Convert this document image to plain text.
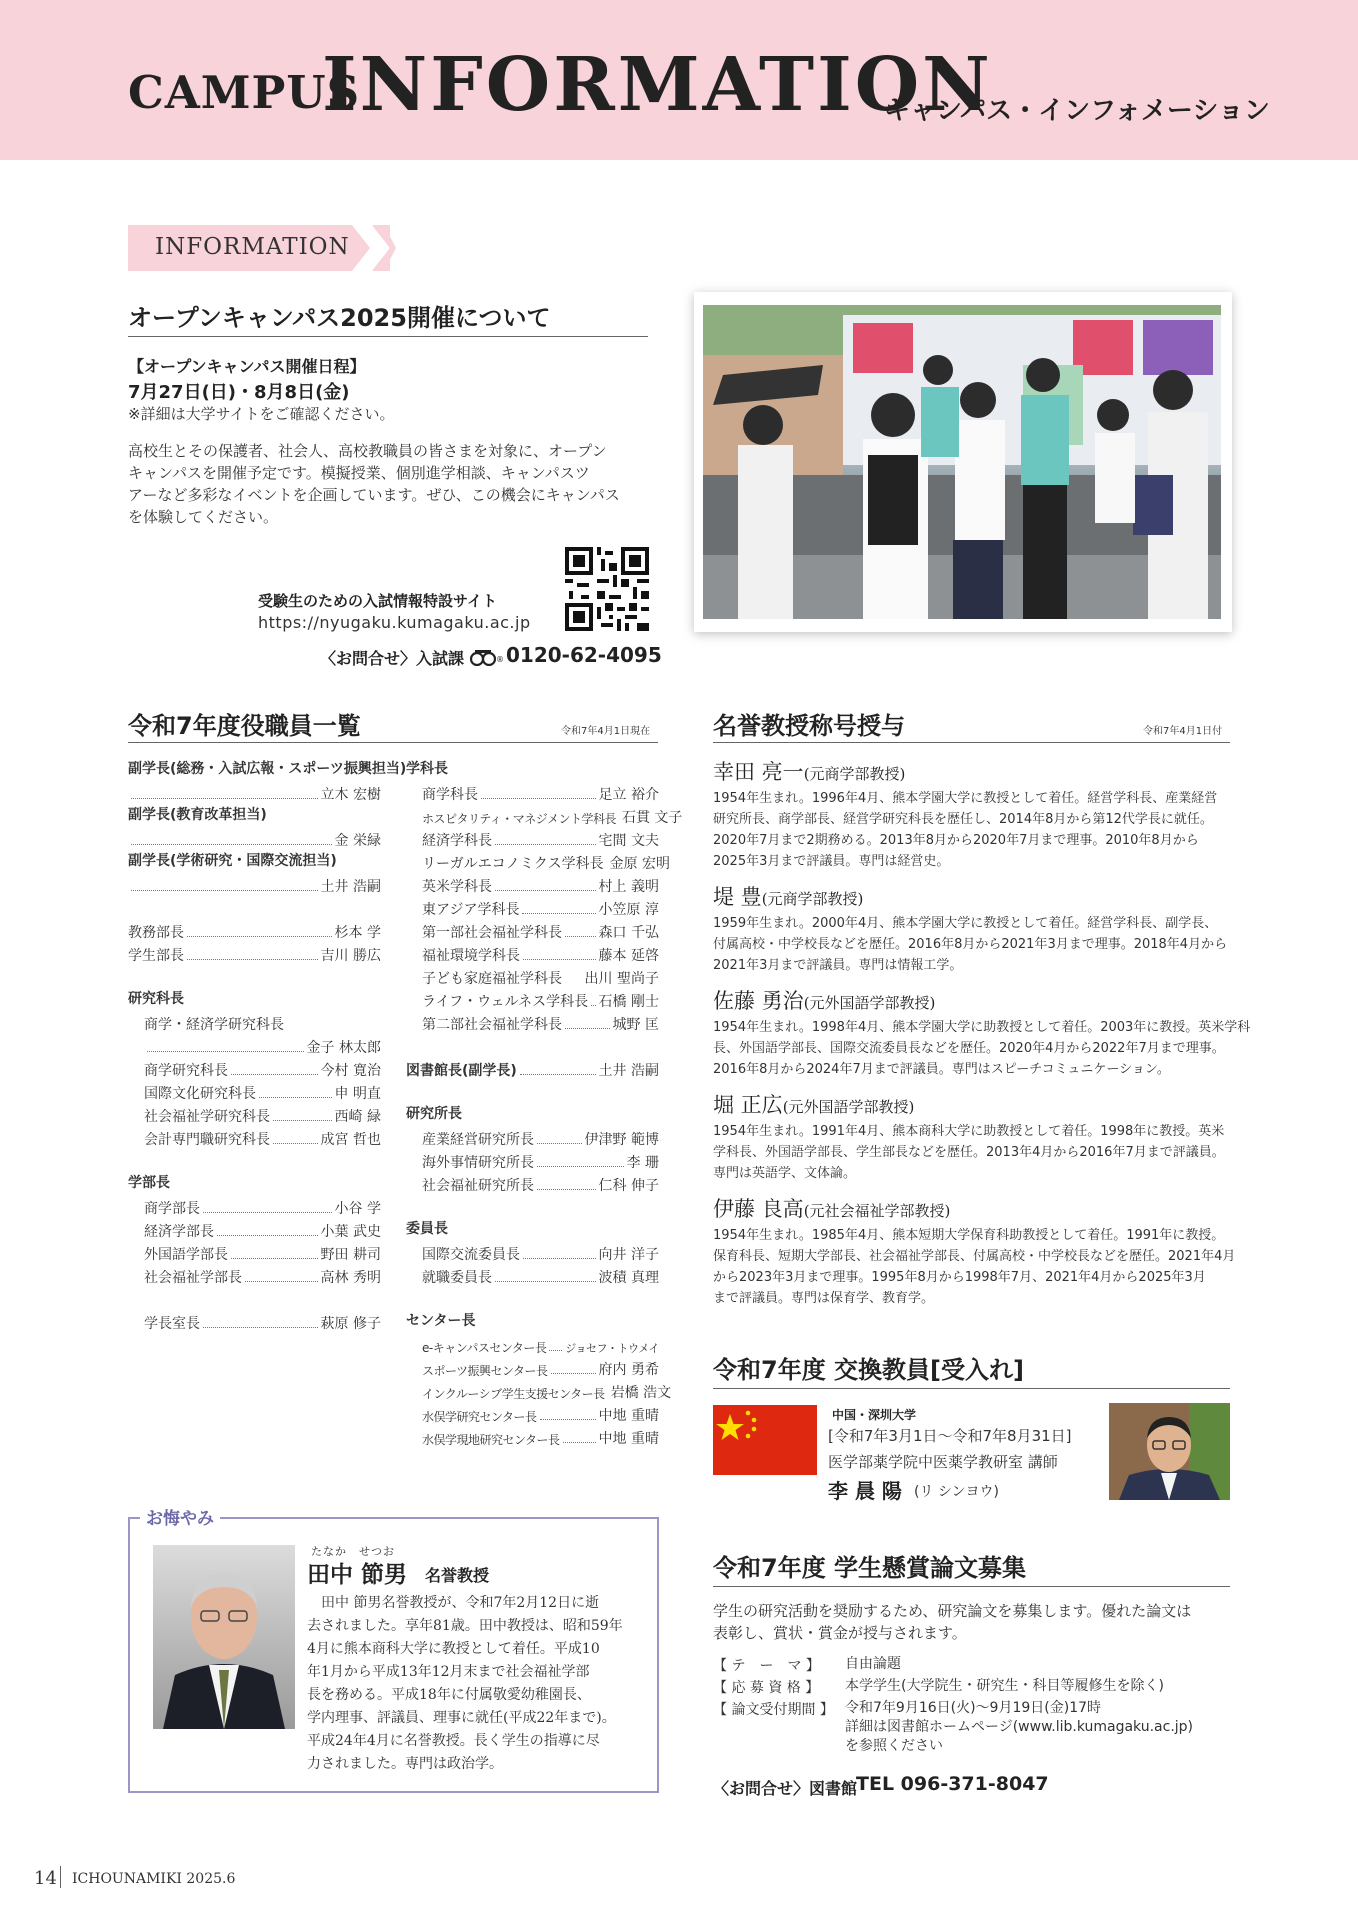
CAMPUS
INFORMATION
キャンパス・インフォメーション
INFORMATION
オープンキャンパス2025開催について
【オープンキャンパス開催日程】
7月27日(日)・8月8日(金)
※詳細は大学サイトをご確認ください。
高校生とその保護者、社会人、高校教職員の皆さまを対象に、オープン
キャンパスを開催予定です。模擬授業、個別進学相談、キャンパスツ
アーなど多彩なイベントを企画しています。ぜひ、この機会にキャンパス
を体験してください。
受験生のための入試情報特設サイト
https://nyugaku.kumagaku.ac.jp
〈お問合せ〉入試課	® 0120-62-4095
令和7年度役職員一覧	令和7年4月1日現在
副学長(総務・入試広報・スポーツ振興担当)
立木 宏樹
副学長(教育改革担当)
金 栄緑
副学長(学術研究・国際交流担当)
土井 浩嗣
教務部長	杉本 学
学生部長	吉川 勝広
研究科長
商学・経済学研究科長
金子 林太郎
商学研究科長	今村 寛治
国際文化研究科長	申 明直
社会福祉学研究科長	西崎 緑
会計専門職研究科長	成宮 哲也
学部長
商学部長	小谷 学
経済学部長	小葉 武史
外国語学部長	野田 耕司
社会福祉学部長	高林 秀明
学長室長	萩原 修子
学科長
商学科長	足立 裕介
ホスピタリティ・マネジメント学科長 石貫 文子
経済学科長	宅間 文夫
リーガルエコノミクス学科長 金原 宏明
英米学科長	村上 義明
東アジア学科長	小笠原 淳
第一部社会福祉学科長	森口 千弘
福祉環境学科長	藤本 延啓
子ども家庭福祉学科長 出川 聖尚子
ライフ・ウェルネス学科長 石橋 剛士
第二部社会福祉学科長	城野 匡
図書館長(副学長)	土井 浩嗣
研究所長
産業経営研究所長	伊津野 範博
海外事情研究所長	李 珊
社会福祉研究所長	仁科 伸子
委員長
国際交流委員長	向井 洋子
就職委員長	波積 真理
センター長
e-キャンパスセンター長 ジョセフ・トウメイ
スポーツ振興センター長	府内 勇希
インクルーシブ学生支援センター長 岩橋 浩文
水俣学研究センター長	中地 重晴
水俣学現地研究センター長	中地 重晴
お悔やみ
たなか　せつお
田中 節男 名誉教授
　田中 節男名誉教授が、令和7年2月12日に逝
去されました。享年81歳。田中教授は、昭和59年
4月に熊本商科大学に教授として着任。平成10
年1月から平成13年12月末まで社会福祉学部
長を務める。平成18年に付属敬愛幼稚園長、
学内理事、評議員、理事に就任(平成22年まで)。
平成24年4月に名誉教授。長く学生の指導に尽
力されました。専門は政治学。
名誉教授称号授与	令和7年4月1日付
幸田 亮一(元商学部教授)
1954年生まれ。1996年4月、熊本学園大学に教授として着任。経営学科長、産業経営
研究所長、商学部長、経営学研究科長を歴任し、2014年8月から第12代学長に就任。
2020年7月まで2期務める。2013年8月から2020年7月まで理事。2010年8月から
2025年3月まで評議員。専門は経営史。
堤 豊(元商学部教授)
1959年生まれ。2000年4月、熊本学園大学に教授として着任。経営学科長、副学長、
付属高校・中学校長などを歴任。2016年8月から2021年3月まで理事。2018年4月から
2021年3月まで評議員。専門は情報工学。
佐藤 勇治(元外国語学部教授)
1954年生まれ。1998年4月、熊本学園大学に助教授として着任。2003年に教授。英米学科
長、外国語学部長、国際交流委員長などを歴任。2020年4月から2022年7月まで理事。
2016年8月から2024年7月まで評議員。専門はスピーチコミュニケーション。
堀 正広(元外国語学部教授)
1954年生まれ。1991年4月、熊本商科大学に助教授として着任。1998年に教授。英米
学科長、外国語学部長、学生部長などを歴任。2013年4月から2016年7月まで評議員。
専門は英語学、文体論。
伊藤 良高(元社会福祉学部教授)
1954年生まれ。1985年4月、熊本短期大学保育科助教授として着任。1991年に教授。
保育科長、短期大学部長、社会福祉学部長、付属高校・中学校長などを歴任。2021年4月
から2023年3月まで理事。1995年8月から1998年7月、2021年4月から2025年3月
まで評議員。専門は保育学、教育学。
令和7年度 交換教員[受入れ]
中国・深圳大学
[令和7年3月1日〜令和7年8月31日]
医学部薬学院中医薬学教研室 講師
李 晨 陽 (リ シンヨウ)
令和7年度 学生懸賞論文募集
学生の研究活動を奨励するため、研究論文を募集します。優れた論文は
表彰し、賞状・賞金が授与されます。
【 テ　ー　マ 】	自由論題
【 応 募 資 格 】	本学学生(大学院生・研究生・科目等履修生を除く)
【 論文受付期間 】 令和7年9月16日(火)〜9月19日(金)17時
詳細は図書館ホームページ(www.lib.kumagaku.ac.jp)
を参照ください
〈お問合せ〉図書館
TEL 096-371-8047
14 ICHOUNAMIKI 2025.6
